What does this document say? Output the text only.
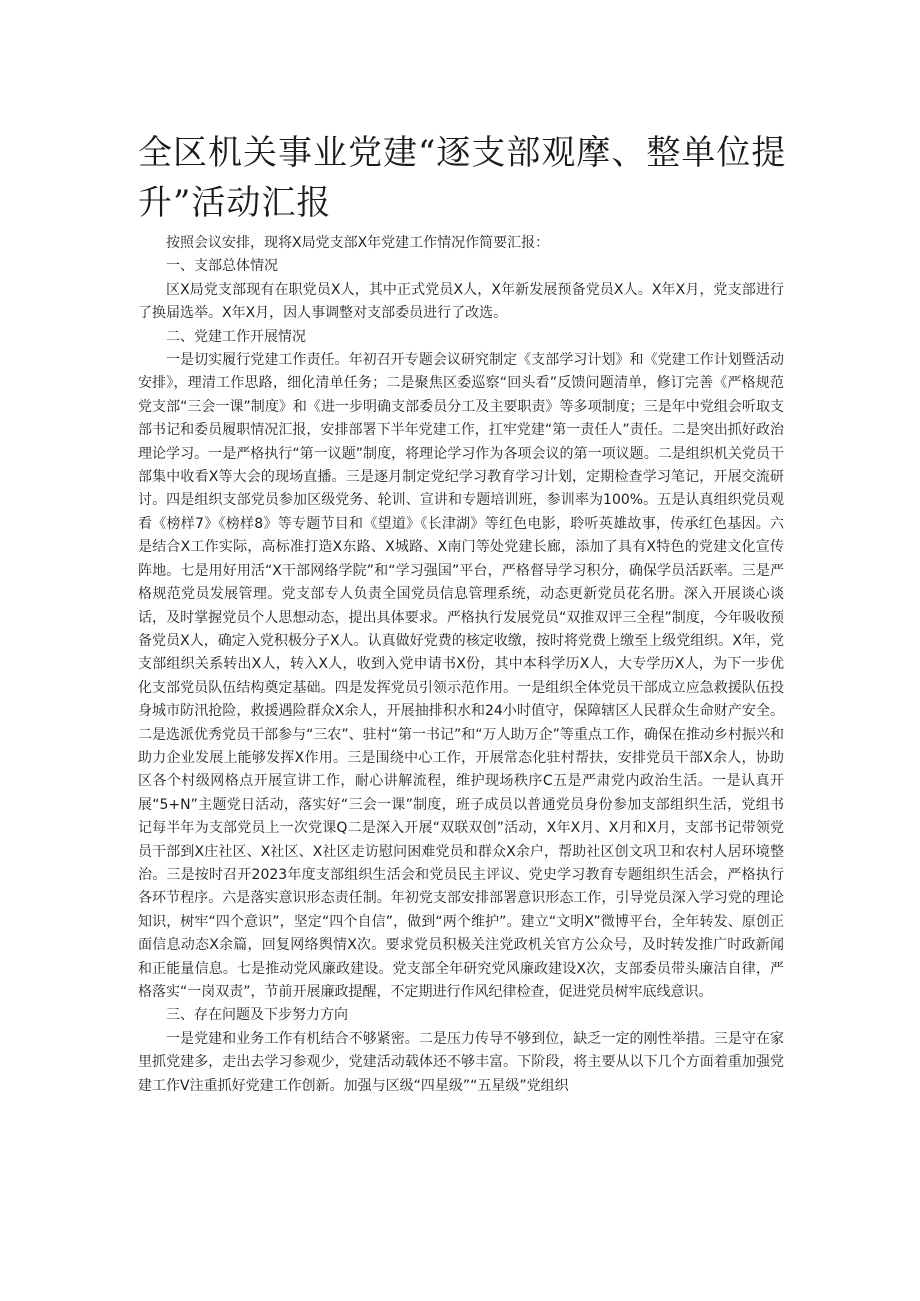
全区机关事业党建“逐支部观摩、整单位提升”活动汇报

按照会议安排，现将X局党支部X年党建工作情况作简要汇报：

一、支部总体情况

区X局党支部现有在职党员X人，其中正式党员X人，X年新发展预备党员X人。X年X月，党支部进行了换届选举。X年X月，因人事调整对支部委员进行了改选。

二、党建工作开展情况

一是切实履行党建工作责任。年初召开专题会议研究制定《支部学习计划》和《党建工作计划暨活动安排》，理清工作思路，细化清单任务；二是聚焦区委巡察“回头看”反馈问题清单，修订完善《严格规范党支部“三会一课”制度》和《进一步明确支部委员分工及主要职责》等多项制度；三是年中党组会听取支部书记和委员履职情况汇报，安排部署下半年党建工作，扛牢党建“第一责任人”责任。二是突出抓好政治理论学习。一是严格执行“第一议题”制度，将理论学习作为各项会议的第一项议题。二是组织机关党员干部集中收看X等大会的现场直播。三是逐月制定党纪学习教育学习计划，定期检查学习笔记，开展交流研讨。四是组织支部党员参加区级党务、轮训、宣讲和专题培训班，参训率为100%。五是认真组织党员观看《榜样7》《榜样8》等专题节目和《望道》《长津湖》等红色电影，聆听英雄故事，传承红色基因。六是结合X工作实际，高标准打造X东路、X城路、X南门等处党建长廊，添加了具有X特色的党建文化宣传阵地。七是用好用活“X干部网络学院”和“学习强国”平台，严格督导学习积分，确保学员活跃率。三是严格规范党员发展管理。党支部专人负责全国党员信息管理系统，动态更新党员花名册。深入开展谈心谈话，及时掌握党员个人思想动态，提出具体要求。严格执行发展党员“双推双评三全程”制度，今年吸收预备党员X人，确定入党积极分子X人。认真做好党费的核定收缴，按时将党费上缴至上级党组织。X年，党支部组织关系转出X人，转入X人，收到入党申请书X份，其中本科学历X人，大专学历X人，为下一步优化支部党员队伍结构奠定基础。四是发挥党员引领示范作用。一是组织全体党员干部成立应急救援队伍投身城市防汛抢险，救援遇险群众X余人，开展抽排积水和24小时值守，保障辖区人民群众生命财产安全。二是选派优秀党员干部参与“三农”、驻村“第一书记”和“万人助万企”等重点工作，确保在推动乡村振兴和助力企业发展上能够发挥X作用。三是围绕中心工作，开展常态化驻村帮扶，安排党员干部X余人，协助区各个村级网格点开展宣讲工作，耐心讲解流程，维护现场秩序C五是严肃党内政治生活。一是认真开展“5+N”主题党日活动，落实好“三会一课”制度，班子成员以普通党员身份参加支部组织生活，党组书记每半年为支部党员上一次党课Q二是深入开展“双联双创”活动，X年X月、X月和X月，支部书记带领党员干部到X庄社区、X社区、X社区走访慰问困难党员和群众X余户，帮助社区创文巩卫和农村人居环境整治。三是按时召开2023年度支部组织生活会和党员民主评议、党史学习教育专题组织生活会，严格执行各环节程序。六是落实意识形态责任制。年初党支部安排部署意识形态工作，引导党员深入学习党的理论知识，树牢“四个意识”，坚定“四个自信”，做到“两个维护”。建立“文明X”微博平台，全年转发、原创正面信息动态X余篇，回复网络舆情X次。要求党员积极关注党政机关官方公众号，及时转发推广时政新闻和正能量信息。七是推动党风廉政建设。党支部全年研究党风廉政建设X次，支部委员带头廉洁自律，严格落实“一岗双责”，节前开展廉政提醒，不定期进行作风纪律检查，促进党员树牢底线意识。

三、存在问题及下步努力方向

一是党建和业务工作有机结合不够紧密。二是压力传导不够到位，缺乏一定的刚性举措。三是守在家里抓党建多，走出去学习参观少，党建活动载体还不够丰富。下阶段，将主要从以下几个方面着重加强党建工作V注重抓好党建工作创新。加强与区级“四星级”“五星级”党组织
